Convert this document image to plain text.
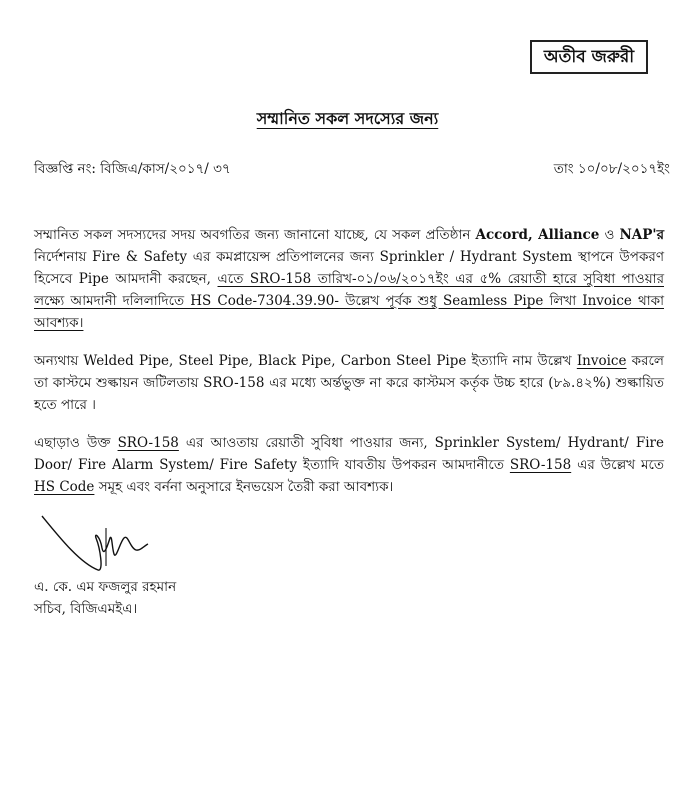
অতীব জরুরী
সম্মানিত সকল সদস্যের জন্য
বিজ্ঞপ্তি নং: বিজিএ/কাস/২০১৭/ ৩৭	তাং ১০/০৮/২০১৭ইং
সম্মানিত সকল সদস্যদের সদয় অবগতির জন্য জানানো যাচ্ছে, যে সকল প্রতিষ্ঠান Accord, Alliance ও NAP'র নির্দেশনায় Fire & Safety এর কমপ্লায়েন্স প্রতিপালনের জন্য Sprinkler / Hydrant System স্থাপনে উপকরণ হিসেবে Pipe আমদানী করছেন, এতে SRO-158 তারিখ-০১/০৬/২০১৭ইং এর ৫% রেয়াতী হারে সুবিধা পাওয়ার লক্ষ্যে আমদানী দলিলাদিতে HS Code-7304.39.90- উল্লেখ পূর্বক শুধু Seamless Pipe লিখা Invoice থাকা আবশ্যক।
অন্যথায় Welded Pipe, Steel Pipe, Black Pipe, Carbon Steel Pipe ইত্যাদি নাম উল্লেখ Invoice করলে তা কাস্টমে শুল্কায়ন জটিলতায় SRO-158 এর মধ্যে অর্ন্তভুক্ত না করে কাস্টমস কর্তৃক উচ্চ হারে (৮৯.৪২%) শুল্কায়িত হতে পারে ।
এছাড়াও উক্ত SRO-158 এর আওতায় রেয়াতী সুবিধা পাওয়ার জন্য, Sprinkler System/ Hydrant/ Fire Door/ Fire Alarm System/ Fire Safety ইত্যাদি যাবতীয় উপকরন আমদানীতে SRO-158 এর উল্লেখ মতে HS Code সমূহ এবং বর্ননা অনুসারে ইনভয়েস তৈরী করা আবশ্যক।
এ. কে. এম ফজলুর রহমান
সচিব, বিজিএমইএ।
